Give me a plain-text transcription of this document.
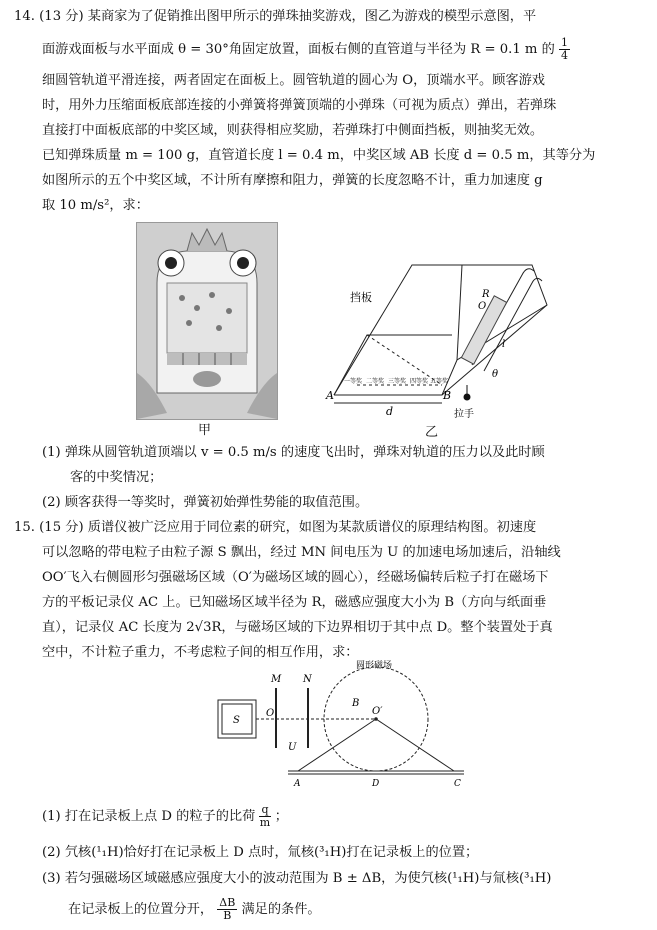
14. (13 分) 某商家为了促销推出图甲所示的弹珠抽奖游戏，图乙为游戏的模型示意图，平
面游戏面板与水平面成 θ = 30°角固定放置，面板右侧的直管道与半径为 R = 0.1 m 的 $\frac{1}{4}$
细圆管轨道平滑连接，两者固定在面板上。圆管轨道的圆心为 O，顶端水平。顾客游戏
时，用外力压缩面板底部连接的小弹簧将弹簧顶端的小弹珠（可视为质点）弹出，若弹珠
直接打中面板底部的中奖区域，则获得相应奖励，若弹珠打中侧面挡板，则抽奖无效。
已知弹珠质量 m = 100 g，直管道长度 l = 0.4 m，中奖区域 AB 长度 d = 0.5 m，其等分为
如图所示的五个中奖区域，不计所有摩擦和阻力，弹簧的长度忽略不计，重力加速度 g
取 10 m/s²，求：
甲
挡板
A	B
d
R
O
l
θ
拉手
一等奖 二等奖 三等奖 四等奖 五等奖
乙
(1) 弹珠从圆管轨道顶端以 v = 0.5 m/s 的速度飞出时，弹珠对轨道的压力以及此时顾
客的中奖情况；
(2) 顾客获得一等奖时，弹簧初始弹性势能的取值范围。
15. (15 分) 质谱仪被广泛应用于同位素的研究，如图为某款质谱仪的原理结构图。初速度
可以忽略的带电粒子由粒子源 S 飘出，经过 MN 间电压为 U 的加速电场加速后，沿轴线
OO′飞入右侧圆形匀强磁场区域（O′为磁场区域的圆心），经磁场偏转后粒子打在磁场下
方的平板记录仪 AC 上。已知磁场区域半径为 R，磁感应强度大小为 B（方向与纸面垂
直），记录仪 AC 长度为 2√3R，与磁场区域的下边界相切于其中点 D。整个装置处于真
空中，不计粒子重力，不考虑粒子间的相互作用，求：
圆形磁场
M N
S
O
B
O′
U
A	D	C
(1) 打在记录板上点 D 的粒子的比荷 $\frac{q}{m}$ ；
(2) 氕核(¹₁H)恰好打在记录板上 D 点时，氚核(³₁H)打在记录板上的位置；
(3) 若匀强磁场区域磁感应强度大小的波动范围为 B ± ΔB，为使氕核(¹₁H)与氚核(³₁H)
在记录板上的位置分开， $\frac{\Delta B}{B}$ 满足的条件。
